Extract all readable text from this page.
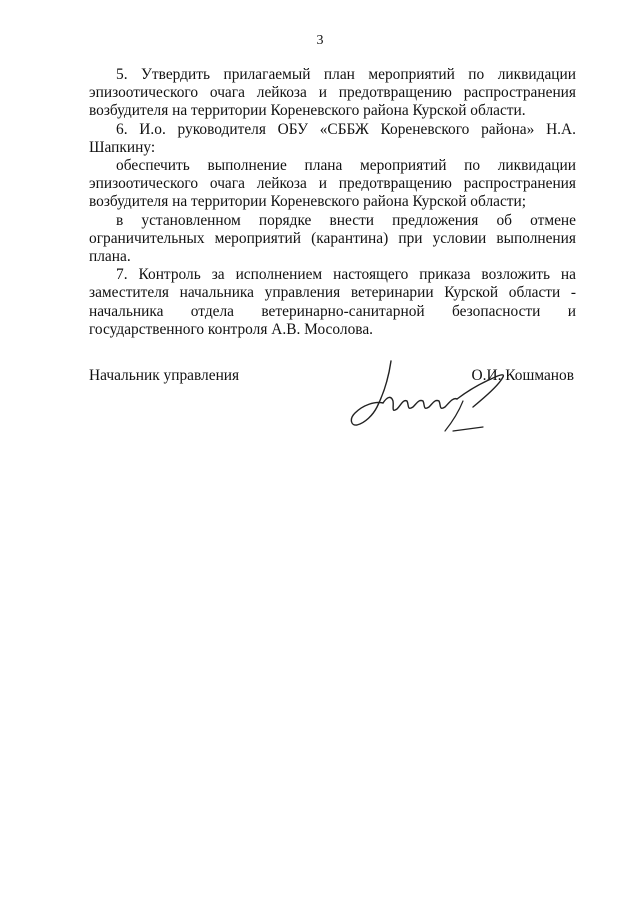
3

5. Утвердить прилагаемый план мероприятий по ликвидации эпизоотического очага лейкоза и предотвращению распространения возбудителя на территории Кореневского района Курской области.

6. И.о. руководителя ОБУ «СББЖ Кореневского района» Н.А. Шапкину:

обеспечить выполнение плана мероприятий по ликвидации эпизоотического очага лейкоза и предотвращению распространения возбудителя на территории Кореневского района Курской области;

в установленном порядке внести предложения об отмене ограничительных мероприятий (карантина) при условии выполнения плана.

7. Контроль за исполнением настоящего приказа возложить на заместителя начальника управления ветеринарии Курской области - начальника отдела ветеринарно-санитарной безопасности и государственного контроля А.В. Мосолова.

Начальник управления	О.И. Кошманов
